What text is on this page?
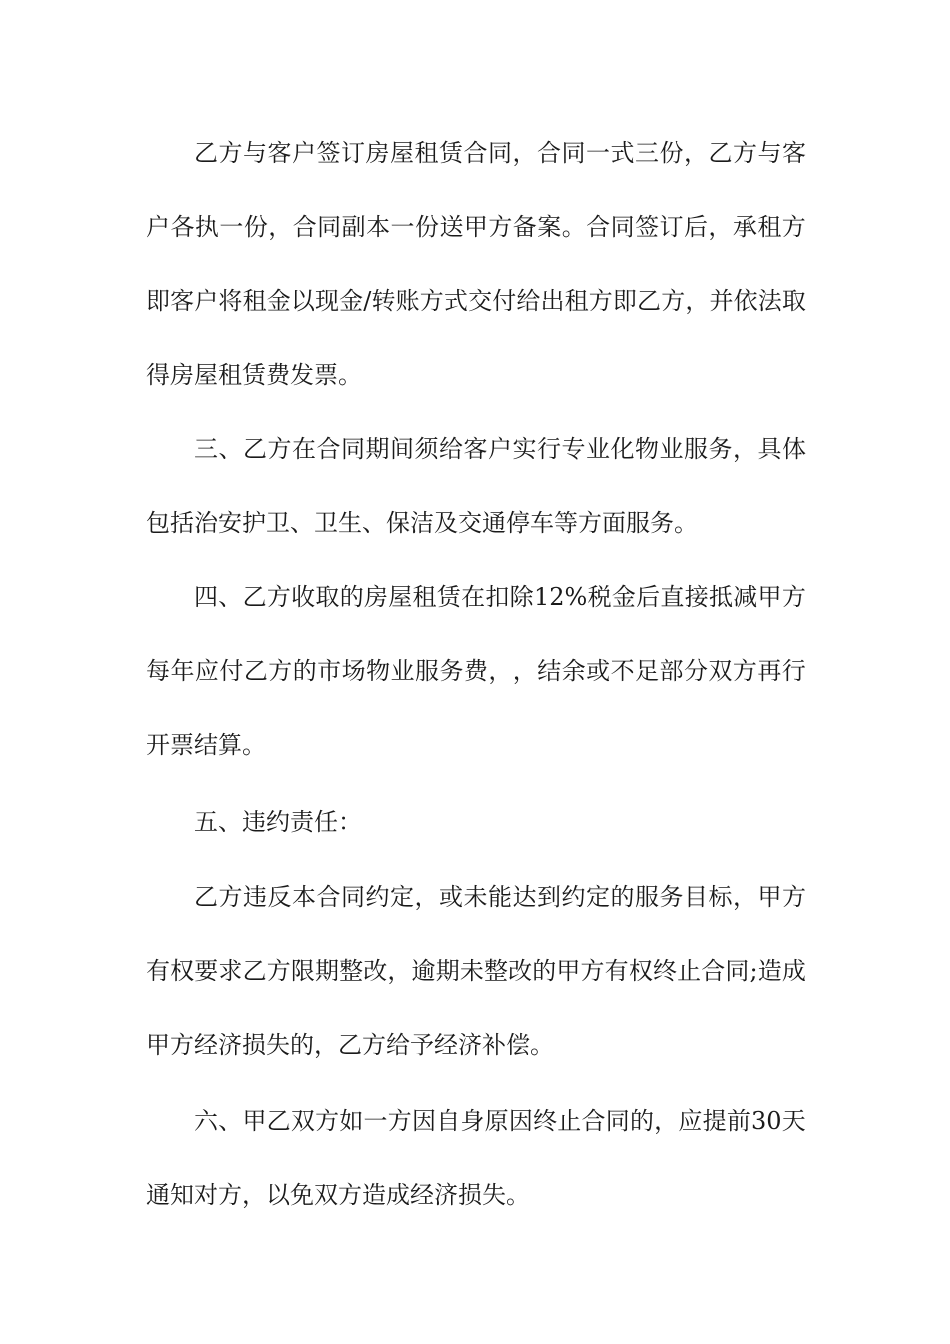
乙 方 与 客 户 签 订 房 屋 租 赁 合 同 ， 合 同 一 式 三 份 ， 乙 方 与 客
户 各 执 一 份 ， 合 同 副 本 一 份 送 甲 方 备 案 。 合 同 签 订 后 ， 承 租 方
即 客 户 将 租 金 以 现 金 / 转 账 方 式 交 付 给 出 租 方 即 乙 方 ， 并 依 法 取
得房屋租赁费发票。
三 、 乙 方 在 合 同 期 间 须 给 客 户 实 行 专 业 化 物 业 服 务 ， 具 体
包括治安护卫、卫生、保洁及交通停车等方面服务。
四 、 乙 方 收 取 的 房 屋 租 赁 在 扣 除 12% 税 金 后 直 接 抵 减 甲 方
每 年 应 付 乙 方 的 市 场 物 业 服 务 费 ， ， 结 余 或 不 足 部 分 双 方 再 行
开票结算。
五、违约责任：
乙 方 违 反 本 合 同 约 定 ， 或 未 能 达 到 约 定 的 服 务 目 标 ， 甲 方
有 权 要 求 乙 方 限 期 整 改 ， 逾 期 未 整 改 的 甲 方 有 权 终 止 合 同 ; 造 成
甲方经济损失的，乙方给予经济补偿。
六 、 甲 乙 双 方 如 一 方 因 自 身 原 因 终 止 合 同 的 ， 应 提 前 30 天
通知对方，以免双方造成经济损失。
